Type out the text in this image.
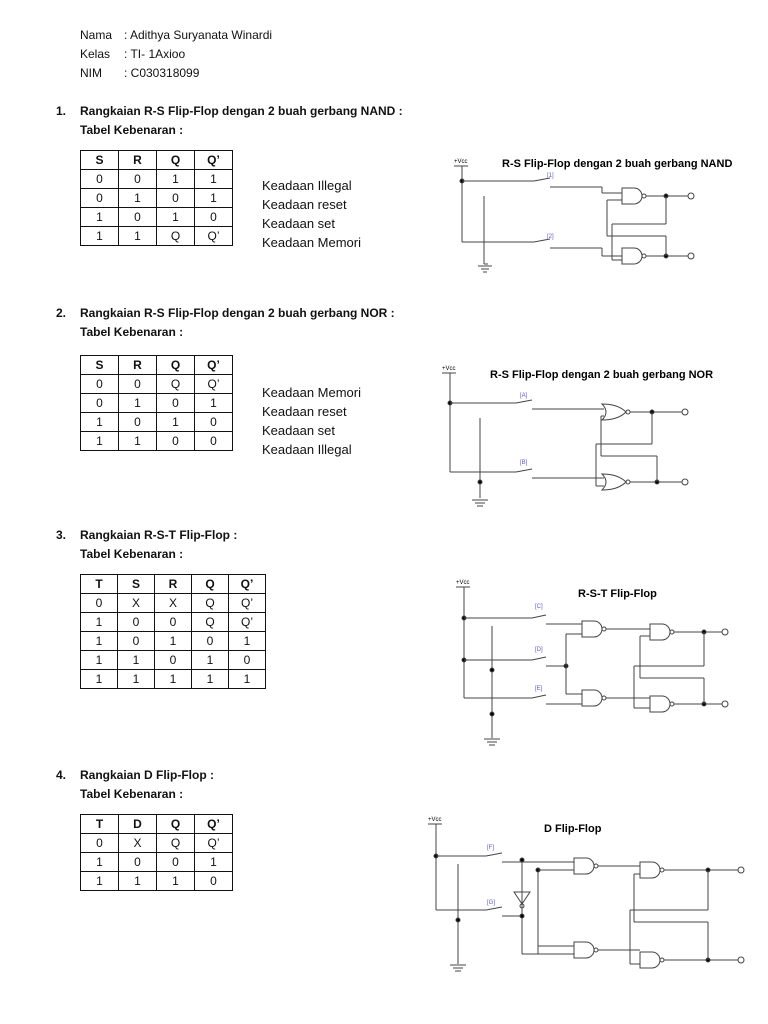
Nama : Adithya Suryanata Winardi
Kelas : TI- 1Axioo
NIM : C030318099
1. Rangkaian R-S Flip-Flop dengan 2 buah gerbang NAND :
Tabel Kebenaran :
S	R	Q	Q’
0	0	1	1
0	1	0	1
1	0	1	0
1	1	Q	Q’
Keadaan Illegal
Keadaan reset
Keadaan set
Keadaan Memori
R-S Flip-Flop dengan 2 buah gerbang NAND
+Vcc
[1]
[2]
2. Rangkaian R-S Flip-Flop dengan 2 buah gerbang NOR :
Tabel Kebenaran :
S	R	Q	Q’
0	0	Q	Q’
0	1	0	1
1	0	1	0
1	1	0	0
Keadaan Memori
Keadaan reset
Keadaan set
Keadaan Illegal
R-S Flip-Flop dengan 2 buah gerbang NOR
+Vcc
[A]
[B]
3. Rangkaian R-S-T Flip-Flop :
Tabel Kebenaran :
T	S	R	Q	Q’
0	X	X	Q	Q’
1	0	0	Q	Q’
1	0	1	0	1
1	1	0	1	0
1	1	1	1	1
R-S-T Flip-Flop
+Vcc
[C]
[D]
[E]
4. Rangkaian D Flip-Flop :
Tabel Kebenaran :
T	D	Q	Q’
0	X	Q	Q’
1	0	0	1
1	1	1	0
D Flip-Flop
+Vcc
[F]
[G]
